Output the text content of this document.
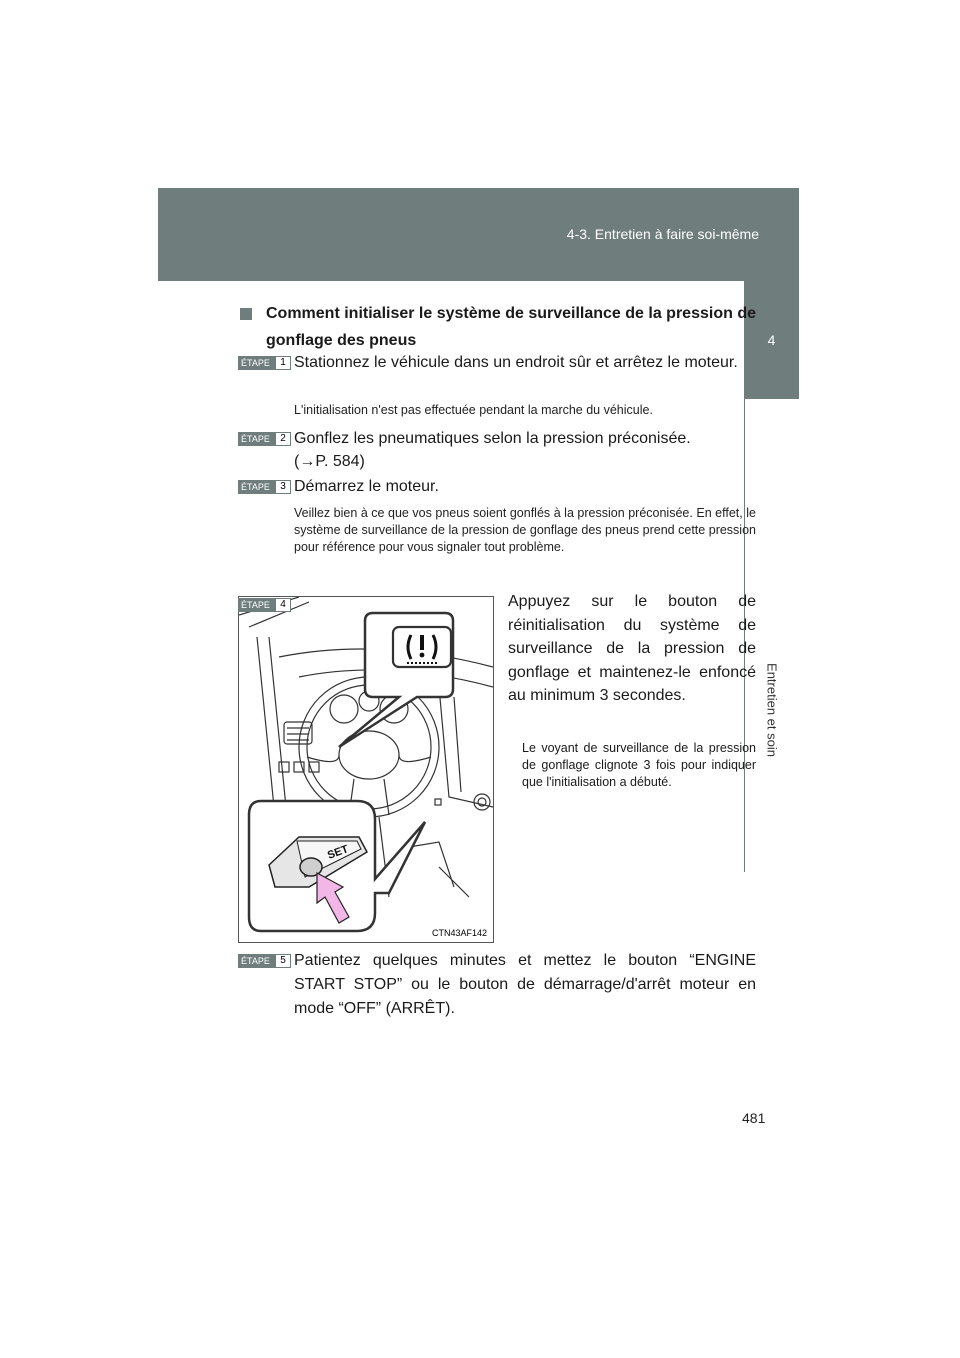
4-3. Entretien à faire soi-même
4
Entretien et soin
Comment initialiser le système de surveillance de la pression de gonflage des pneus
ÉTAPE	1 Stationnez le véhicule dans un endroit sûr et arrêtez le moteur.
L'initialisation n'est pas effectuée pendant la marche du véhicule.
ÉTAPE	2 Gonflez les pneumatiques selon la pression préconisée.
(→P. 584)
ÉTAPE	3 Démarrez le moteur.
Veillez bien à ce que vos pneus soient gonflés à la pression préconisée. En effet, le système de surveillance de la pression de gonflage des pneus prend cette pression pour référence pour vous signaler tout problème.
SET
CTN43AF142
ÉTAPE	4	Appuyez sur le bouton de réinitialisation du système de surveillance de la pression de gonflage et maintenez-le enfoncé au minimum 3 secondes.
Le voyant de surveillance de la pression de gonflage clignote 3 fois pour indiquer que l'initialisation a débuté.
ÉTAPE	5 Patientez quelques minutes et mettez le bouton “ENGINE START STOP” ou le bouton de démarrage/d'arrêt moteur en mode “OFF” (ARRÊT).
481
